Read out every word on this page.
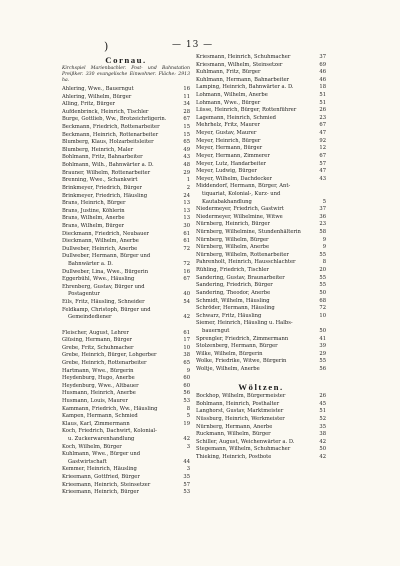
)	— 13 —
Cornau.
Kirchspiel Marienbachler. Post- und Bahnstation Preißker. 330 evangelische Einwohner. Fläche: 2913 ha.
Ahlering, Wwe., Bauerngut	16
Ahlering, Wilhelm, Bürger	11
Alling, Fritz, Bürger	34
Aufdenbrinck, Heinrich, Tischler	28
Burge, Gottlieb, Ww., Brotzeichrligerin.	67
Beckmann, Friedrich, Rottenarbeiter	15
Beckmann, Heinrich, Rottenarbeiter	15
Blumberg, Klaus, Holzarbeitsleiter	65
Blumberg, Heinrich, Maler	49
Bohlmann, Fritz, Bahnarbeiter	43
Bohlmann, Wilh., Bahnwärter a. D.	48
Brauner, Wilhelm, Rottenarbeiter	29
Brenning, Wwe., Schankwirt	1
Brinkmeyer, Friedrich, Bürger	2
Brinkmeyer, Friedrich, Häusling	24
Brans, Heinrich, Bürger	13
Brans, Justine, Köhlerin	13
Brans, Wilhelm, Anerbe	13
Brans, Wilhelm, Bürger	30
Dieckmann, Friedrich, Neubauer	61
Dieckmann, Wilhelm, Anerbe	61
Dullweber, Heinrich, Anerbe	72
Dullweber, Hermann, Bürger und
Bahnwärter a. D.	72
Dullweber, Lina, Wwe., Bürgerin	16
Eggerbühl, Wwe., Häusling	67
Ehrenberg, Gustav, Bürger und
Postagentur	40
Eils, Fritz, Häusling, Schneider	54
Feldkamp, Christoph, Bürger und
Gemeindediener	42
Fleischer, August, Lehrer	61
Glüsing, Hermann, Bürger	17
Grebe, Fritz, Schuhmacher	10
Grebe, Heinrich, Bürger, Lohgerber	38
Grebe, Heinrich, Rottenarbeiter	65
Hartmann, Wwe., Bürgerin	9
Heydenburg, Hugo, Anerbe	60
Heydenburg, Wwe., Altbauer	60
Husmann, Heinrich, Anerbe	56
Husmann, Louis, Maurer	53
Kammann, Friedrich, Ww., Häusling	8
Kampen, Hermann, Schmied	5
Klaus, Karl, Zimmermann	19
Koch, Friedrich, Dachwirt, Kolonial-
u. Zuckerwarenhandlung	42
Koch, Wilhelm, Bürger	3
Kuhlmann, Wwe., Bürger und
Gastwirtschaft	44
Kemmer, Heinrich, Häusling	3
Krieemann, Gottfried, Bürger	35
Krieemann, Heinrich, Steinsetzer	57
Krieemann, Heinrich, Bürger	53
Kriesmann, Heinrich, Schuhmacher	37
Kriesmann, Wilhelm, Steinsetzer	69
Kuhlmann, Fritz, Bürger	46
Kuhlmann, Hermann, Bahnarbeiter	46
Lamping, Heinrich, Bahnwärter a. D.	18
Lohmann, Wilhelm, Anerbe	51
Lohmann, Wwe., Bürger	51
Lüsse, Heinrich, Bürger, Rottenführer	26
Lagemann, Heinrich, Schmied	23
Mehrhelz, Fritz, Maurer	67
Meyer, Gustav, Maurer	47
Meyer, Heinrich, Bürger	92
Meyer, Hermann, Bürger	12
Meyer, Hermann, Zimmerer	67
Meyer, Lutz, Handarbeiter	57
Meyer, Ludwig, Bürger	47
Meyer, Wilhelm, Dachdecker	43
Middendorf, Hermann, Bürger, Ant-
tiquariat, Kolonial-, Kurz- und
Kautabakhandlung	5
Niedermeyer, Friedrich, Gastwirt	37
Niedermeyer, Wilhelmine, Witwe	36
Nürnberg, Heinrich, Bürger	23
Nürnberg, Wilhelmine, Stundenhälterin	58
Nürnberg, Wilhelm, Bürger	9
Nürnberg, Wilhelm, Anerbe	9
Nürnberg, Wilhelm, Rottenarbeiter	55
Pahrenholt, Heinrich, Hausschlachter	8
Rühling, Friedrich, Tischler	20
Sandering, Gustav, Braunarbeiter	55
Sandering, Friedrich, Bürger	55
Sandering, Theodor, Anerbe	50
Schmidt, Wilhelm, Häusling	68
Schröder, Hermann, Häusling	72
Schwarz, Fritz, Häusling	10
Siemer, Heinrich, Häusling u. Halbs-
bauerngut	50
Sprengler, Friedrich, Zimmermann	41
Stolzenberg, Hermann, Bürger	39
Wilke, Wilhelm, Bürgerin	29
Wolke, Friedrike, Witwe, Bürgerin	55
Woltje, Wilhelm, Anerbe	56
Wöltzen.
Bockhop, Wilhelm, Bürgermeister	26
Bohlmann, Heinrich, Posthalter	45
Langhorst, Gustav, Marktmeister	51
Nüssburg, Heinrich, Werkmeister	52
Nürnberg, Hermann, Anerbe	35
Ruckmann, Wilhelm, Bürger	38
Schiller, August, Weichenwärter a. D.	42
Stegemann, Wilhelm, Schuhmacher	50
Thieking, Heinrich, Postbote	42
